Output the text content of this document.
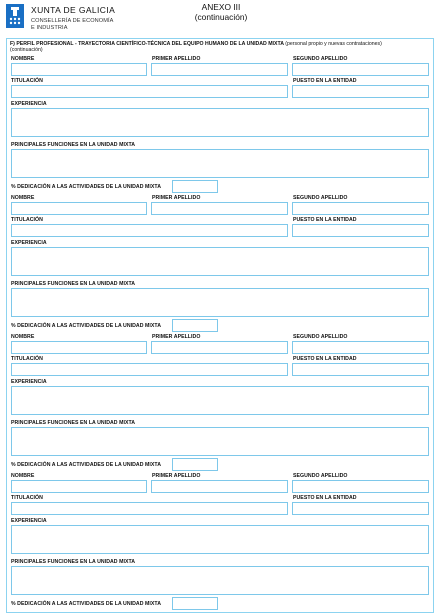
XUNTA DE GALICIA
CONSELLERÍA DE ECONOMÍA
E INDUSTRIA
ANEXO III
(continuación)
F) PERFIL PROFESIONAL - TRAYECTORIA CIENTÍFICO-TÉCNICA DEL EQUIPO HUMANO DE LA UNIDAD MIXTA (personal propio y nuevas contrataciones)
(continuación)
NOMBRE	PRIMER APELLIDO	SEGUNDO APELLIDO
TITULACIÓN	PUESTO EN LA ENTIDAD
EXPERIENCIA
PRINCIPALES FUNCIONES EN LA UNIDAD MIXTA
% DEDICACIÓN A LAS ACTIVIDADES DE LA UNIDAD MIXTA
NOMBRE	PRIMER APELLIDO	SEGUNDO APELLIDO
TITULACIÓN	PUESTO EN LA ENTIDAD
EXPERIENCIA
PRINCIPALES FUNCIONES EN LA UNIDAD MIXTA
% DEDICACIÓN A LAS ACTIVIDADES DE LA UNIDAD MIXTA
NOMBRE	PRIMER APELLIDO	SEGUNDO APELLIDO
TITULACIÓN	PUESTO EN LA ENTIDAD
EXPERIENCIA
PRINCIPALES FUNCIONES EN LA UNIDAD MIXTA
% DEDICACIÓN A LAS ACTIVIDADES DE LA UNIDAD MIXTA
NOMBRE	PRIMER APELLIDO	SEGUNDO APELLIDO
TITULACIÓN	PUESTO EN LA ENTIDAD
EXPERIENCIA
PRINCIPALES FUNCIONES EN LA UNIDAD MIXTA
% DEDICACIÓN A LAS ACTIVIDADES DE LA UNIDAD MIXTA
